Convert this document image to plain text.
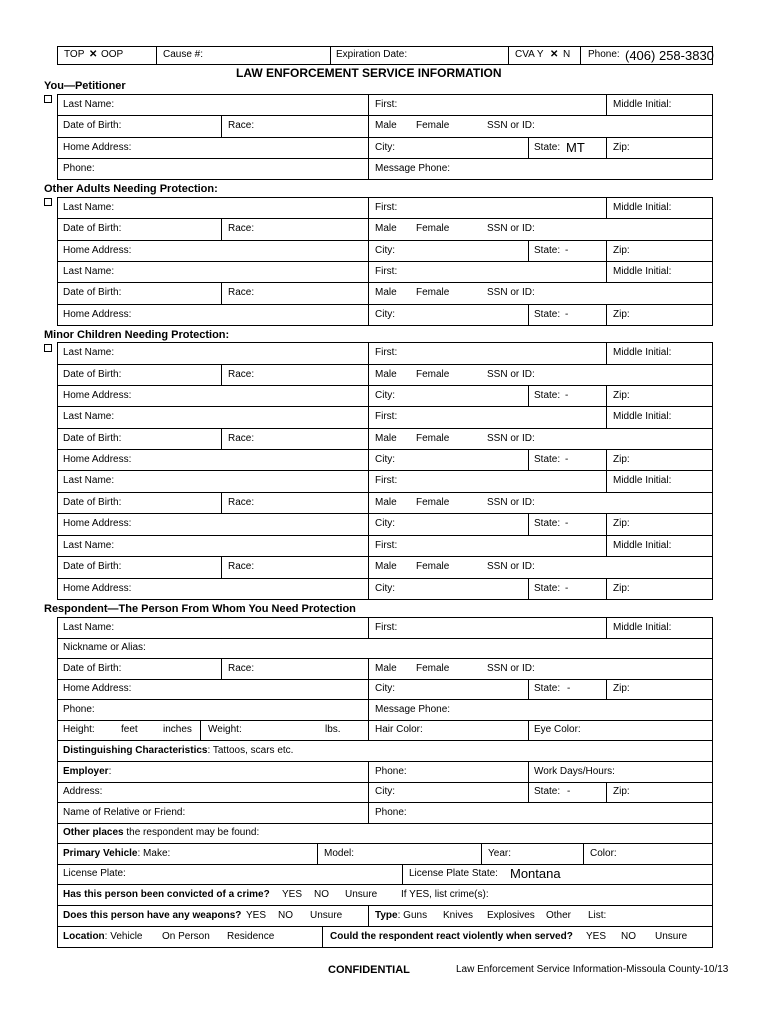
TOP ✕ OOP	Cause #:	Expiration Date:	CVA Y ✕ N Phone: (406) 258-3830
LAW ENFORCEMENT SERVICE INFORMATION
You—Petitioner
Last Name:	First:	Middle Initial:
Date of Birth:	Race:	Male Female	SSN or ID:
Home Address:	City:	State: MT	Zip:
Phone:	Message Phone:
Other Adults Needing Protection:
Last Name:	First:	Middle Initial:
Date of Birth:	Race:	Male Female	SSN or ID:
Home Address:	City:	State: -	Zip:
Last Name:	First:	Middle Initial:
Date of Birth:	Race:	Male Female	SSN or ID:
Home Address:	City:	State: -	Zip:
Minor Children Needing Protection:
Last Name:	First:	Middle Initial:
Date of Birth:	Race:	Male Female	SSN or ID:
Home Address:	City:	State: -	Zip:
Last Name:	First:	Middle Initial:
Date of Birth:	Race:	Male Female	SSN or ID:
Home Address:	City:	State: -	Zip:
Last Name:	First:	Middle Initial:
Date of Birth:	Race:	Male Female	SSN or ID:
Home Address:	City:	State: -	Zip:
Last Name:	First:	Middle Initial:
Date of Birth:	Race:	Male Female	SSN or ID:
Home Address:	City:	State: -	Zip:
Respondent—The Person From Whom You Need Protection
Last Name:	First:	Middle Initial:
Nickname or Alias:
Date of Birth:	Race:	Male Female	SSN or ID:
Home Address:	City:	State: -	Zip:
Phone:	Message Phone:
Height:	feet	inches Weight:	lbs.	Hair Color:	Eye Color:
Distinguishing Characteristics: Tattoos, scars etc.
Employer:	Phone:	Work Days/Hours:
Address:	City:	State: -	Zip:
Name of Relative or Friend:	Phone:
Other places the respondent may be found:
Primary Vehicle: Make:	Model:	Year:	Color:
License Plate:	License Plate State: Montana
Has this person been convicted of a crime? YES NO Unsure If YES, list crime(s):
Does this person have any weapons? YES NO Unsure	Type: Guns Knives Explosives Other List:
Location: Vehicle On Person Residence	Could the respondent react violently when served? YES NO Unsure
CONFIDENTIAL	Law Enforcement Service Information-Missoula County-10/13
